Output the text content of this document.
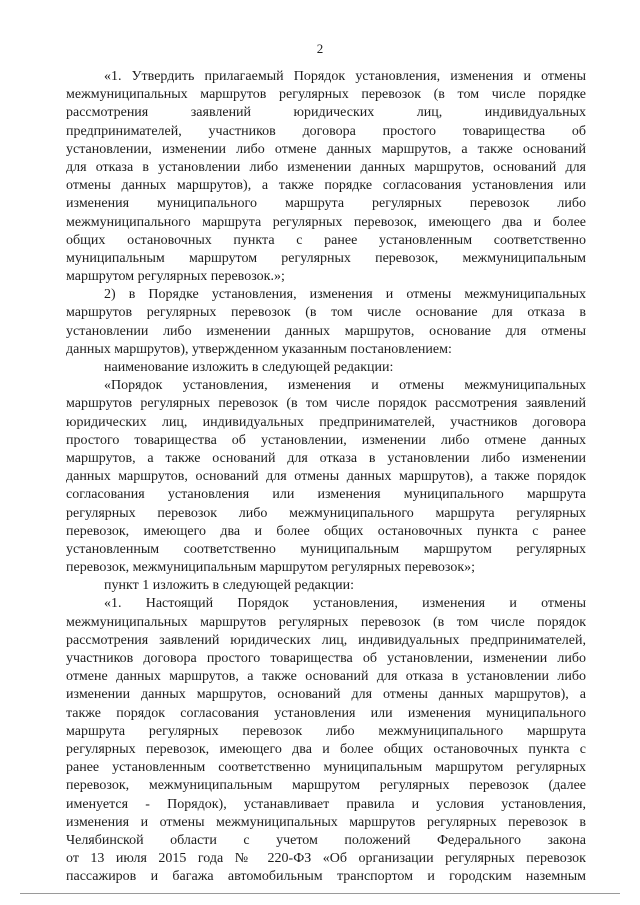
2
«1. Утвердить прилагаемый Порядок установления, изменения и отмены
межмуниципальных маршрутов регулярных перевозок (в том числе порядке
рассмотрения заявлений юридических лиц, индивидуальных
предпринимателей, участников договора простого товарищества об
установлении, изменении либо отмене данных маршрутов, а также оснований
для отказа в установлении либо изменении данных маршрутов, оснований для
отмены данных маршрутов), а также порядке согласования установления или
изменения муниципального маршрута регулярных перевозок либо
межмуниципального маршрута регулярных перевозок, имеющего два и более
общих остановочных пункта с ранее установленным соответственно
муниципальным маршрутом регулярных перевозок, межмуниципальным
маршрутом регулярных перевозок.»;
2) в Порядке установления, изменения и отмены межмуниципальных
маршрутов регулярных перевозок (в том числе основание для отказа в
установлении либо изменении данных маршрутов, основание для отмены
данных маршрутов), утвержденном указанным постановлением:
наименование изложить в следующей редакции:
«Порядок установления, изменения и отмены межмуниципальных
маршрутов регулярных перевозок (в том числе порядок рассмотрения заявлений
юридических лиц, индивидуальных предпринимателей, участников договора
простого товарищества об установлении, изменении либо отмене данных
маршрутов, а также оснований для отказа в установлении либо изменении
данных маршрутов, оснований для отмены данных маршрутов), а также порядок
согласования установления или изменения муниципального маршрута
регулярных перевозок либо межмуниципального маршрута регулярных
перевозок, имеющего два и более общих остановочных пункта с ранее
установленным соответственно муниципальным маршрутом регулярных
перевозок, межмуниципальным маршрутом регулярных перевозок»;
пункт 1 изложить в следующей редакции:
«1. Настоящий Порядок установления, изменения и отмены
межмуниципальных маршрутов регулярных перевозок (в том числе порядок
рассмотрения заявлений юридических лиц, индивидуальных предпринимателей,
участников договора простого товарищества об установлении, изменении либо
отмене данных маршрутов, а также оснований для отказа в установлении либо
изменении данных маршрутов, оснований для отмены данных маршрутов), а
также порядок согласования установления или изменения муниципального
маршрута регулярных перевозок либо межмуниципального маршрута
регулярных перевозок, имеющего два и более общих остановочных пункта с
ранее установленным соответственно муниципальным маршрутом регулярных
перевозок, межмуниципальным маршрутом регулярных перевозок (далее
именуется - Порядок), устанавливает правила и условия установления,
изменения и отмены межмуниципальных маршрутов регулярных перевозок в
Челябинской области с учетом положений Федерального закона
от 13 июля 2015 года № 220-ФЗ «Об организации регулярных перевозок
пассажиров и багажа автомобильным транспортом и городским наземным
